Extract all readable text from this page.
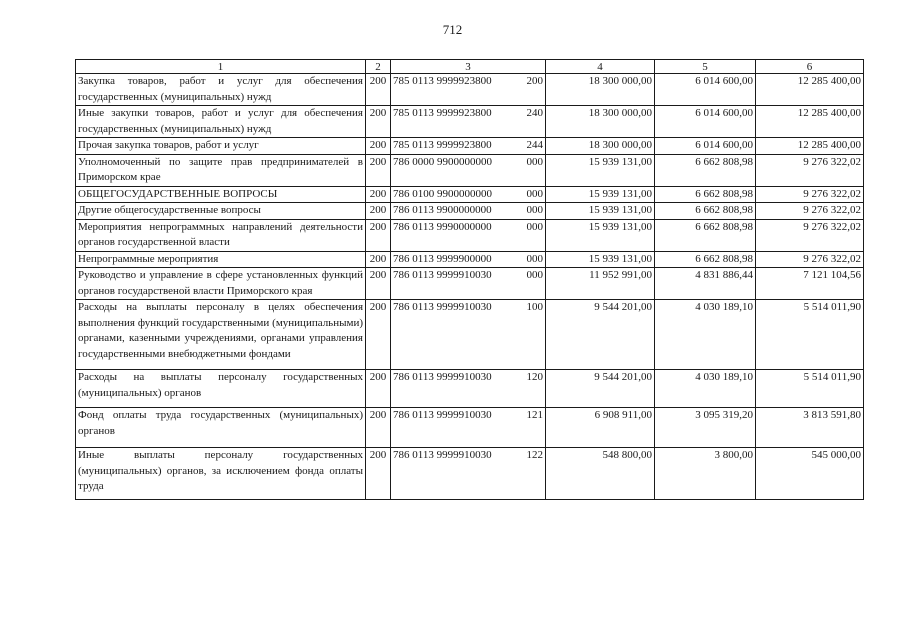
712
1	2	3	4	5	6
Закупка товаров, работ и услуг для обеспечения государственных (муниципальных) нужд	200	785 0113 9999923800 200	18 300 000,00	6 014 600,00	12 285 400,00
Иные закупки товаров, работ и услуг для обеспечения государственных (муниципальных) нужд	200	785 0113 9999923800 240	18 300 000,00	6 014 600,00	12 285 400,00
Прочая закупка товаров, работ и услуг	200	785 0113 9999923800 244	18 300 000,00	6 014 600,00	12 285 400,00
Уполномоченный по защите прав предпринимателей в Приморском крае	200	786 0000 9900000000 000	15 939 131,00	6 662 808,98	9 276 322,02
ОБЩЕГОСУДАРСТВЕННЫЕ ВОПРОСЫ	200	786 0100 9900000000 000	15 939 131,00	6 662 808,98	9 276 322,02
Другие общегосударственные вопросы	200	786 0113 9900000000 000	15 939 131,00	6 662 808,98	9 276 322,02
Мероприятия непрограммных направлений деятельности органов государственной власти	200	786 0113 9990000000 000	15 939 131,00	6 662 808,98	9 276 322,02
Непрограммные мероприятия	200	786 0113 9999900000 000	15 939 131,00	6 662 808,98	9 276 322,02
Руководство и управление в сфере установленных функций органов государственой власти Приморского края	200	786 0113 9999910030 000	11 952 991,00	4 831 886,44	7 121 104,56
Расходы на выплаты персоналу в целях обеспечения выполнения функций государственными (муниципальными) органами, казенными учреждениями, органами управления государственными внебюджетными фондами	200	786 0113 9999910030 100	9 544 201,00	4 030 189,10	5 514 011,90
Расходы на выплаты персоналу государственных (муниципальных) органов	200	786 0113 9999910030 120	9 544 201,00	4 030 189,10	5 514 011,90
Фонд оплаты труда государственных (муниципальных) органов	200	786 0113 9999910030 121	6 908 911,00	3 095 319,20	3 813 591,80
Иные выплаты персоналу государственных (муниципальных) органов, за исключением фонда оплаты труда	200	786 0113 9999910030 122	548 800,00	3 800,00	545 000,00
